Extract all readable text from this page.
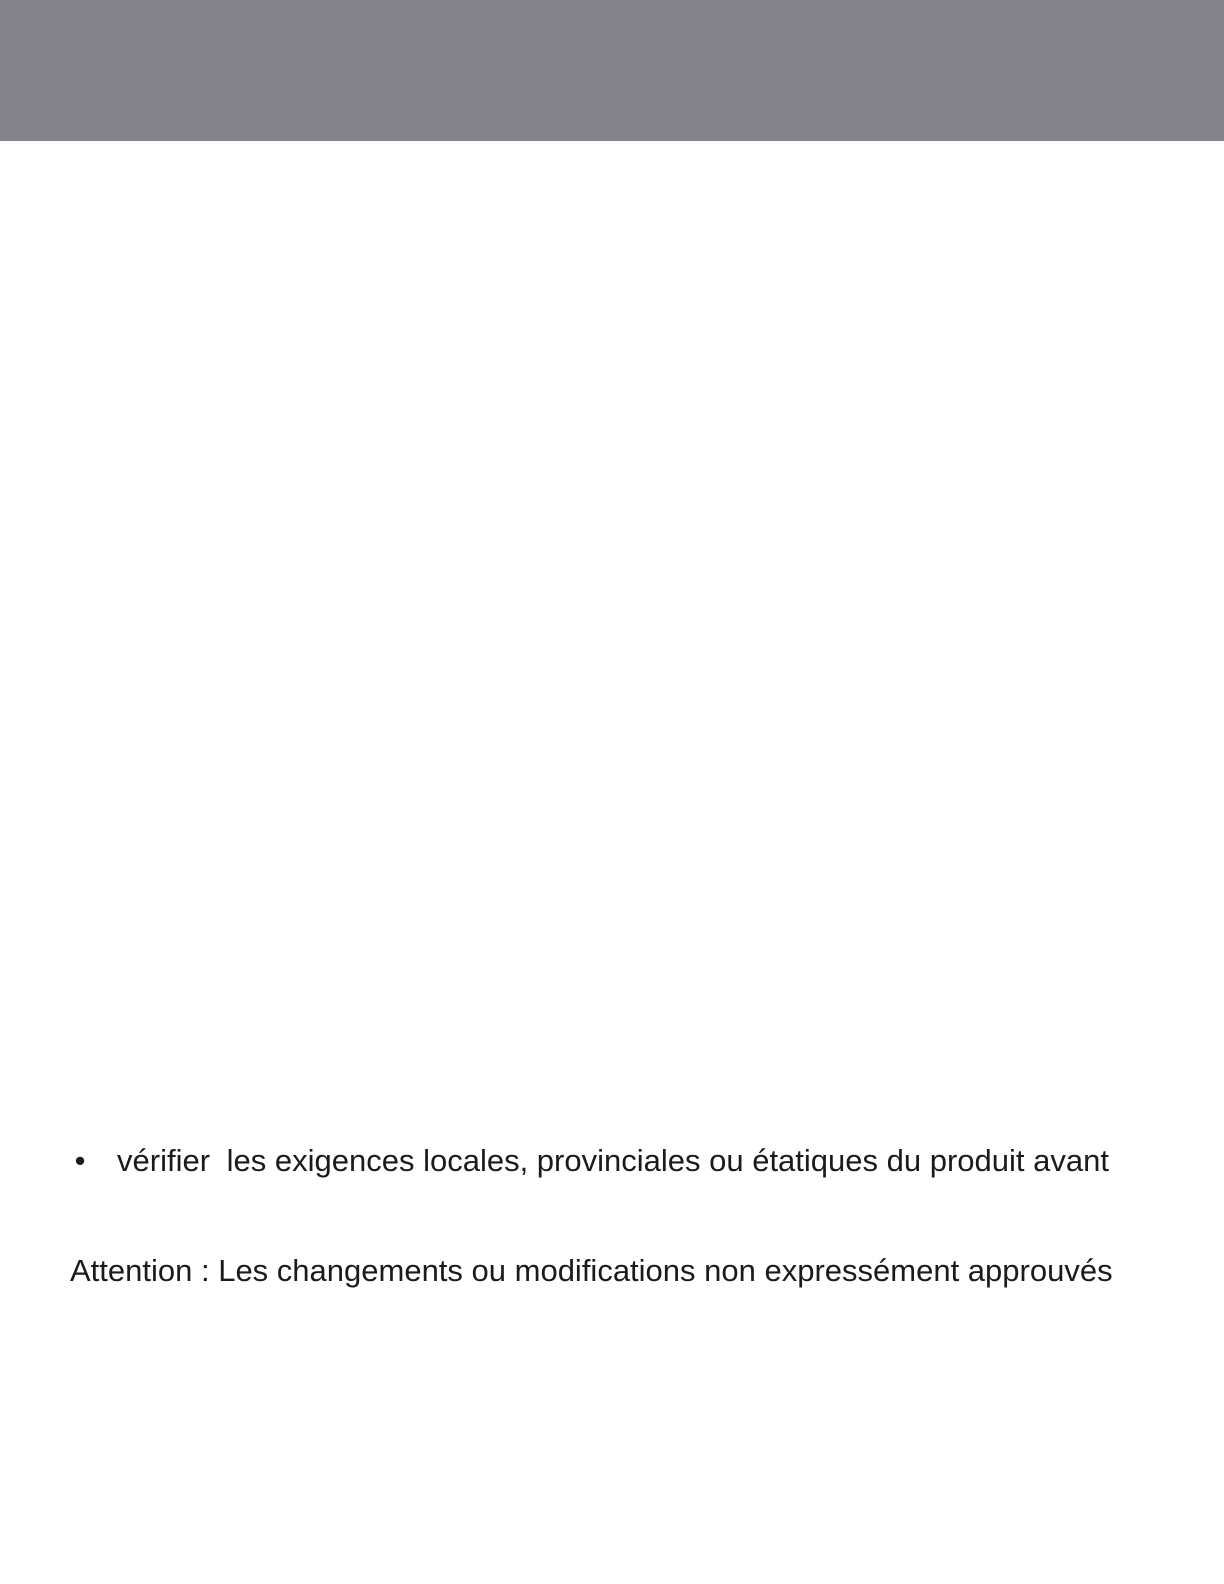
• vérifier les exigences locales, provinciales ou étatiques du produit avant
Attention : Les changements ou modifications non expressément approuvés
